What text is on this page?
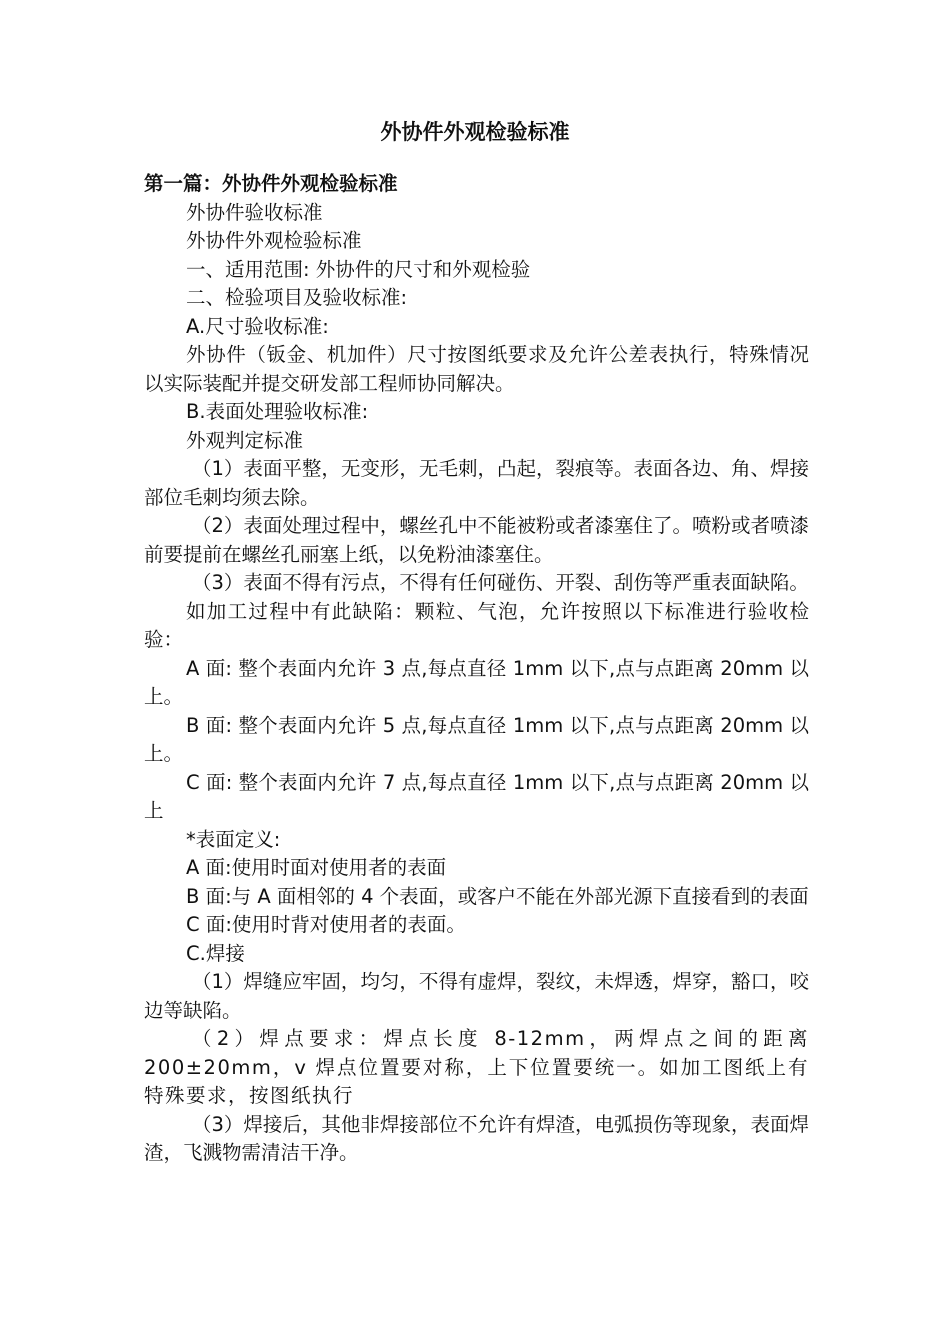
外协件外观检验标准

第一篇：外协件外观检验标准

外协件验收标准

外协件外观检验标准

一、适用范围: 外协件的尺寸和外观检验

二、检验项目及验收标准:

A.尺寸验收标准:

外协件（钣金、机加件）尺寸按图纸要求及允许公差表执行，特殊情况以实际装配并提交研发部工程师协同解决。

B.表面处理验收标准:

外观判定标准

（1）表面平整，无变形，无毛刺，凸起，裂痕等。表面各边、角、焊接部位毛刺均须去除。

（2）表面处理过程中，螺丝孔中不能被粉或者漆塞住了。喷粉或者喷漆前要提前在螺丝孔丽塞上纸，以免粉油漆塞住。

（3）表面不得有污点，不得有任何碰伤、开裂、刮伤等严重表面缺陷。

如加工过程中有此缺陷：颗粒、气泡，允许按照以下标准进行验收检验：

A 面: 整个表面内允许 3 点,每点直径 1mm 以下,点与点距离 20mm 以上。

B 面: 整个表面内允许 5 点,每点直径 1mm 以下,点与点距离 20mm 以上。

C 面: 整个表面内允许 7 点,每点直径 1mm 以下,点与点距离 20mm 以上

*表面定义:

A 面:使用时面对使用者的表面

B 面:与 A 面相邻的 4 个表面，或客户不能在外部光源下直接看到的表面

C 面:使用时背对使用者的表面。

C.焊接

（1）焊缝应牢固，均匀，不得有虚焊，裂纹，未焊透，焊穿，豁口，咬边等缺陷。

（2）焊点要求：焊点长度 8-12mm，两焊点之间的距离 200±20mm，v 焊点位置要对称，上下位置要统一。如加工图纸上有特殊要求，按图纸执行

（3）焊接后，其他非焊接部位不允许有焊渣，电弧损伤等现象，表面焊渣，飞溅物需清洁干净。
